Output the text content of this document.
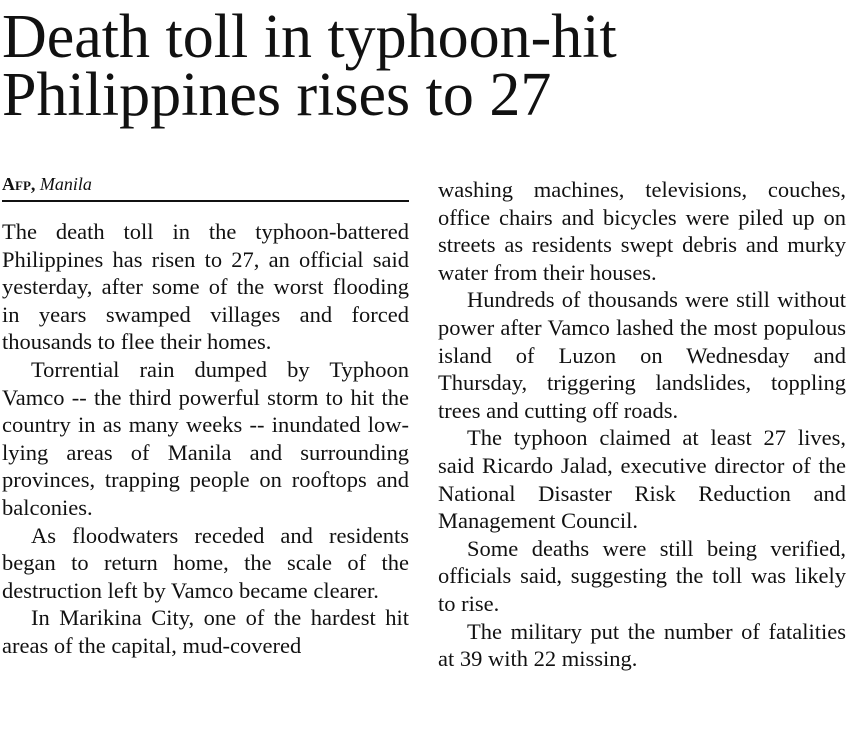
Death toll in typhoon-hit
Philippines rises to 27
Afp, Manila

The death toll in the typhoon-battered Philippines has risen to 27, an official said yesterday, after some of the worst flooding in years swamped villages and forced thousands to flee their homes.

Torrential rain dumped by Typhoon Vamco -- the third powerful storm to hit the country in as many weeks -- inundated low-lying areas of Manila and surrounding provinces, trapping people on rooftops and balconies.

As floodwaters receded and residents began to return home, the scale of the destruction left by Vamco became clearer.

In Marikina City, one of the hardest hit areas of the capital, mud-covered

washing machines, televisions, couches, office chairs and bicycles were piled up on streets as residents swept debris and murky water from their houses.

Hundreds of thousands were still without power after Vamco lashed the most populous island of Luzon on Wednesday and Thursday, triggering landslides, toppling trees and cutting off roads.

The typhoon claimed at least 27 lives, said Ricardo Jalad, executive director of the National Disaster Risk Reduction and Management Council.

Some deaths were still being verified, officials said, suggesting the toll was likely to rise.

The military put the number of fatalities at 39 with 22 missing.
